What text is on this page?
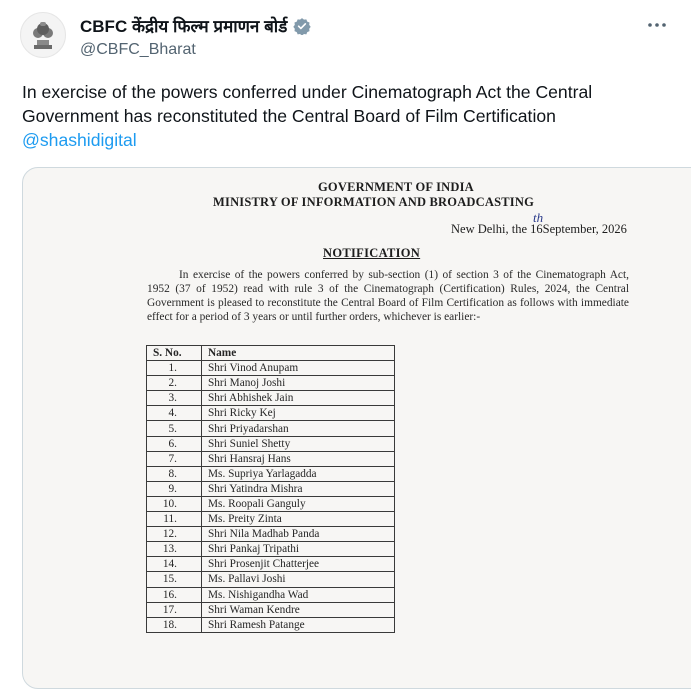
CBFC केंद्रीय फिल्म प्रमाणन बोर्ड
@CBFC_Bharat
In exercise of the powers conferred under Cinematograph Act the Central Government has reconstituted the Central Board of Film Certification
@shashidigital
GOVERNMENT OF INDIA
MINISTRY OF INFORMATION AND BROADCASTING
New Delhi, the 16September, 2026
th
NOTIFICATION
In exercise of the powers conferred by sub-section (1) of section 3 of the Cinematograph Act, 1952 (37 of 1952) read with rule 3 of the Cinematograph (Certification) Rules, 2024, the Central Government is pleased to reconstitute the Central Board of Film Certification as follows with immediate effect for a period of 3 years or until further orders, whichever is earlier:-
S. No.	Name
1.	Shri Vinod Anupam
2.	Shri Manoj Joshi
3.	Shri Abhishek Jain
4.	Shri Ricky Kej
5.	Shri Priyadarshan
6.	Shri Suniel Shetty
7.	Shri Hansraj Hans
8.	Ms. Supriya Yarlagadda
9.	Shri Yatindra Mishra
10.	Ms. Roopali Ganguly
11.	Ms. Preity Zinta
12.	Shri Nila Madhab Panda
13.	Shri Pankaj Tripathi
14.	Shri Prosenjit Chatterjee
15.	Ms. Pallavi Joshi
16.	Ms. Nishigandha Wad
17.	Shri Waman Kendre
18.	Shri Ramesh Patange
